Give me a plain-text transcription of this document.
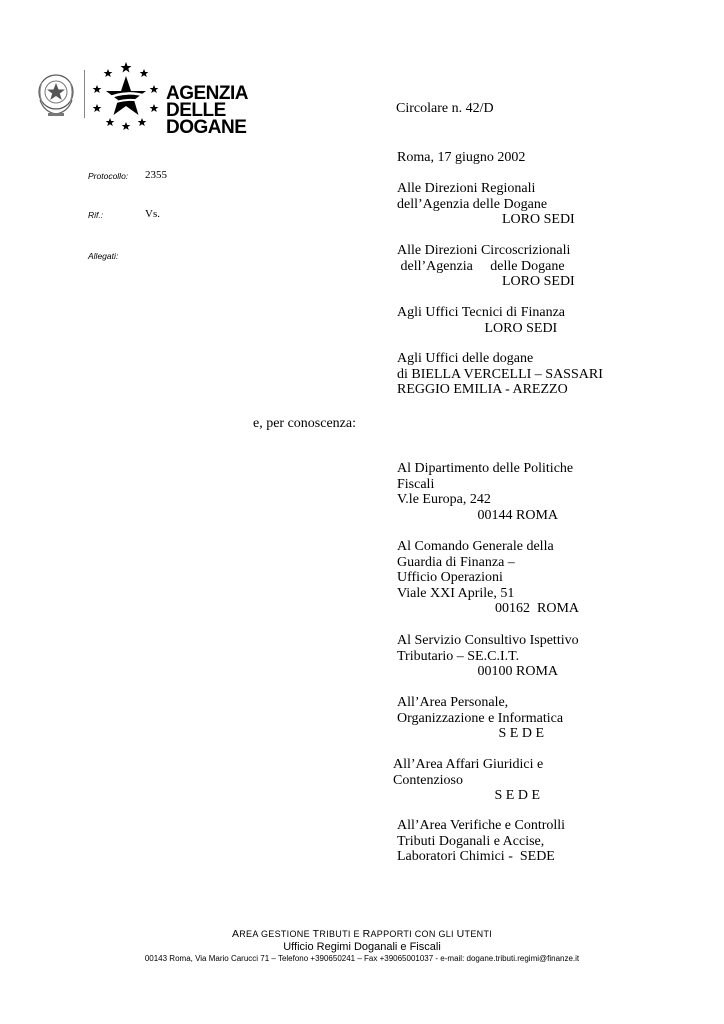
AGENZIA
DELLE
DOGANE
Circolare n. 42/D
Roma, 17 giugno 2002
Protocollo: 2355
Rif.:	Vs.
Allegati:
Alle Direzioni Regionali
dell’Agenzia delle Dogane
LORO SEDI
Alle Direzioni Circoscrizionali
dell’Agenzia     delle Dogane
LORO SEDI
Agli Uffici Tecnici di Finanza
LORO SEDI
Agli Uffici delle dogane
di BIELLA VERCELLI – SASSARI
REGGIO EMILIA - AREZZO
e, per conoscenza:
Al Dipartimento delle Politiche
Fiscali
V.le Europa, 242
00144 ROMA
Al Comando Generale della
Guardia di Finanza –
Ufficio Operazioni
Viale XXI Aprile, 51
00162  ROMA
Al Servizio Consultivo Ispettivo
Tributario – SE.C.I.T.
00100 ROMA
All’Area Personale,
Organizzazione e Informatica
S E D E
All’Area Affari Giuridici e
Contenzioso
S E D E
All’Area Verifiche e Controlli
Tributi Doganali e Accise,
Laboratori Chimici -  SEDE
AREA GESTIONE TRIBUTI E RAPPORTI CON GLI UTENTI
Ufficio Regimi Doganali e Fiscali
00143 Roma, Via Mario Carucci 71 – Telefono +390650241 – Fax +39065001037 - e-mail: dogane.tributi.regimi@finanze.it
